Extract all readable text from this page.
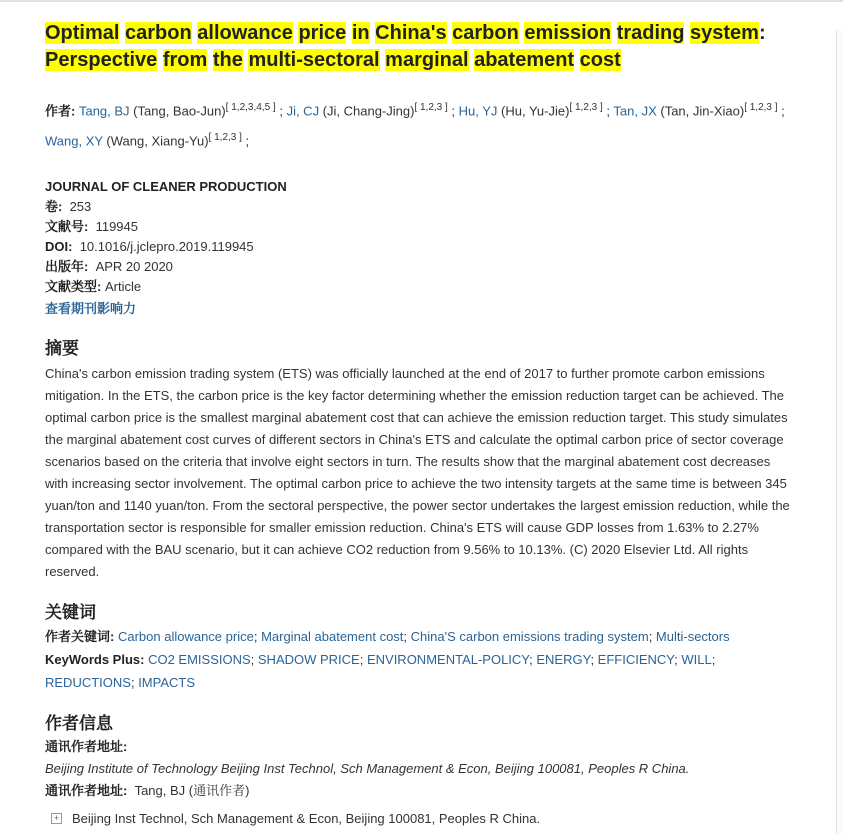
Optimal carbon allowance price in China's carbon emission trading system: Perspective from the multi-sectoral marginal abatement cost
作者: Tang, BJ (Tang, Bao-Jun)[ 1,2,3,4,5 ] ; Ji, CJ (Ji, Chang-Jing)[ 1,2,3 ] ; Hu, YJ (Hu, Yu-Jie)[ 1,2,3 ] ; Tan, JX (Tan, Jin-Xiao)[ 1,2,3 ] ; Wang, XY (Wang, Xiang-Yu)[ 1,2,3 ] ;
JOURNAL OF CLEANER PRODUCTION
卷: 253
文献号: 119945
DOI: 10.1016/j.jclepro.2019.119945
出版年: APR 20 2020
文献类型: Article
查看期刊影响力
摘要
China's carbon emission trading system (ETS) was officially launched at the end of 2017 to further promote carbon emissions mitigation. In the ETS, the carbon price is the key factor determining whether the emission reduction target can be achieved. The optimal carbon price is the smallest marginal abatement cost that can achieve the emission reduction target. This study simulates the marginal abatement cost curves of different sectors in China's ETS and calculate the optimal carbon price of sector coverage scenarios based on the criteria that involve eight sectors in turn. The results show that the marginal abatement cost decreases with increasing sector involvement. The optimal carbon price to achieve the two intensity targets at the same time is between 345 yuan/ton and 1140 yuan/ton. From the sectoral perspective, the power sector undertakes the largest emission reduction, while the transportation sector is responsible for smaller emission reduction. China's ETS will cause GDP losses from 1.63% to 2.27% compared with the BAU scenario, but it can achieve CO2 reduction from 9.56% to 10.13%. (C) 2020 Elsevier Ltd. All rights reserved.
关键词
作者关键词: Carbon allowance price; Marginal abatement cost; China'S carbon emissions trading system; Multi-sectors
KeyWords Plus: CO2 EMISSIONS; SHADOW PRICE; ENVIRONMENTAL-POLICY; ENERGY; EFFICIENCY; WILL; REDUCTIONS; IMPACTS
作者信息
通讯作者地址:
Beijing Institute of Technology Beijing Inst Technol, Sch Management & Econ, Beijing 100081, Peoples R China.
通讯作者地址: Tang, BJ (通讯作者)
+ Beijing Inst Technol, Sch Management & Econ, Beijing 100081, Peoples R China.
